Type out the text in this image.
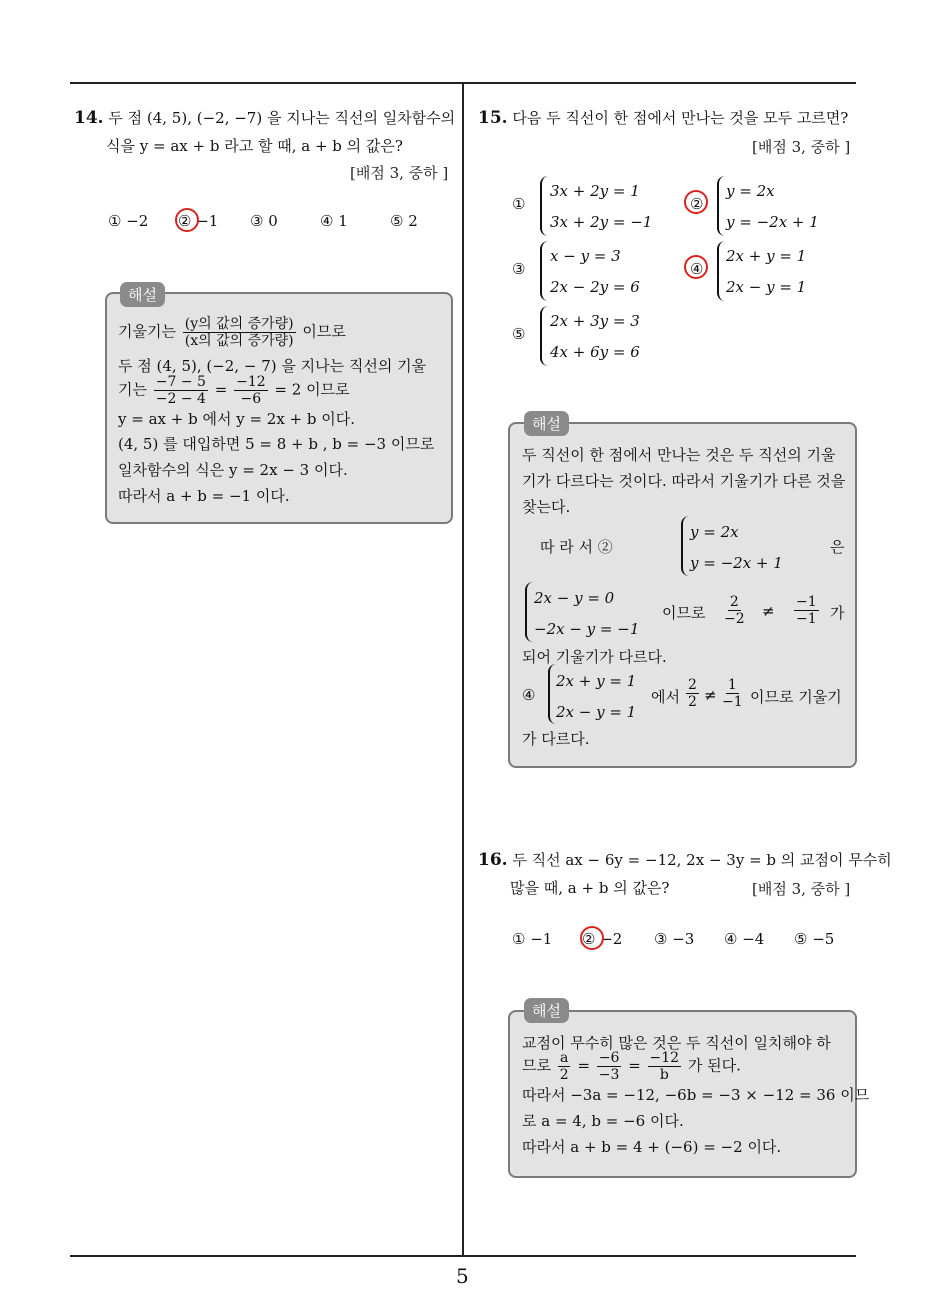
5
14. 두 점 (4, 5), (−2, −7) 을 지나는 직선의 일차함수의
식을 y = ax + b 라고 할 때, a + b 의 값은?
[배점 3, 중하 ]
① −2 ② −1 ③ 0	④ 1	⑤ 2
해설
기울기는 $\frac{\text{(y의 값의 증가량)}}{\text{(x의 값의 증가량)}}$ 이므로
두 점 (4, 5), (−2, − 7) 을 지나는 직선의 기울
기는 $\frac{-7 - 5}{-2 - 4} = \frac{-12}{-6} = 2$ 이므로
y = ax + b 에서 y = 2x + b 이다.
(4, 5) 를 대입하면 5 = 8 + b , b = −3 이므로
일차함수의 식은 y = 2x − 3 이다.
따라서 a + b = −1 이다.
15. 다음 두 직선이 한 점에서 만나는 것을 모두 고르면?
[배점 3, 중하 ]
①
3x + 2y = 1
3x + 2y = −1
②
y = 2x
y = −2x + 1
③
x − y = 3
2x − 2y = 6
④
2x + y = 1
2x − y = 1
⑤
2x + 3y = 3
4x + 6y = 6
해설
두 직선이 한 점에서 만나는 것은 두 직선의 기울
기가 다르다는 것이다. 따라서 기울기가 다른 것을
찾는다.
따 라 서 ②
y = 2x
y = −2x + 1
은
2x − y = 0
−2x − y = −1
이므로 $\frac{2}{-2} \ne \frac{-1}{-1}$ 가
되어 기울기가 다르다.
④
2x + y = 1
2x − y = 1
에서 $\frac{2}{2} \ne \frac{1}{-1}$ 이므로 기울기
가 다르다.
16. 두 직선 ax − 6y = −12, 2x − 3y = b 의 교점이 무수히
많을 때, a + b 의 값은?	[배점 3, 중하 ]
① −1 ② −2 ③ −3 ④ −4 ⑤ −5
해설
교점이 무수히 많은 것은 두 직선이 일치해야 하
므로 $\frac{a}{2} = \frac{-6}{-3} = \frac{-12}{b}$ 가 된다.
따라서 −3a = −12, −6b = −3 × −12 = 36 이므
로 a = 4, b = −6 이다.
따라서 a + b = 4 + (−6) = −2 이다.
